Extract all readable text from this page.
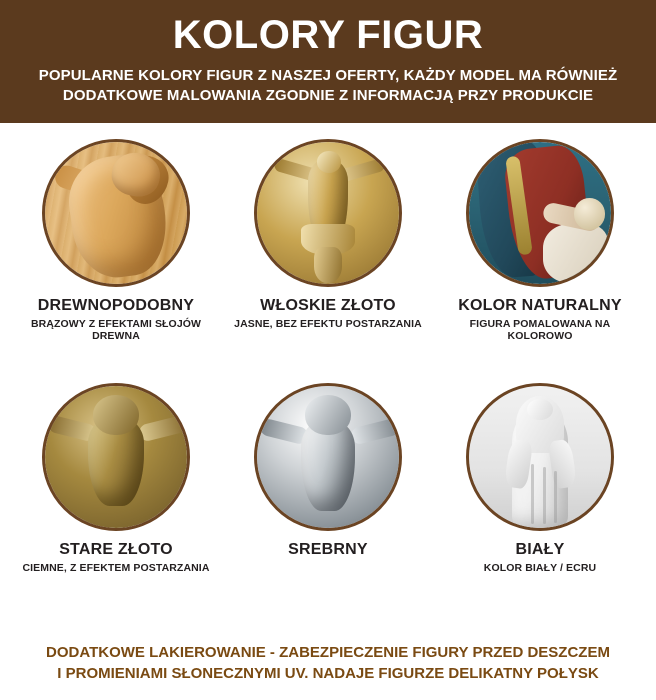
KOLORY FIGUR
POPULARNE KOLORY FIGUR Z NASZEJ OFERTY, KAŻDY MODEL MA RÓWNIEŻ
DODATKOWE MALOWANIA ZGODNIE Z INFORMACJĄ PRZY PRODUKCIE
DREWNOPODOBNY
BRĄZOWY Z EFEKTAMI SŁOJÓW DREWNA
WŁOSKIE ZŁOTO
JASNE, BEZ EFEKTU POSTARZANIA
KOLOR NATURALNY
FIGURA POMALOWANA NA KOLOROWO
STARE ZŁOTO
CIEMNE, Z EFEKTEM POSTARZANIA
SREBRNY	BIAŁY
KOLOR BIAŁY / ECRU
DODATKOWE LAKIEROWANIE - ZABEZPIECZENIE FIGURY PRZED DESZCZEM
I PROMIENIAMI SŁONECZNYMI UV. NADAJE FIGURZE DELIKATNY POŁYSK
